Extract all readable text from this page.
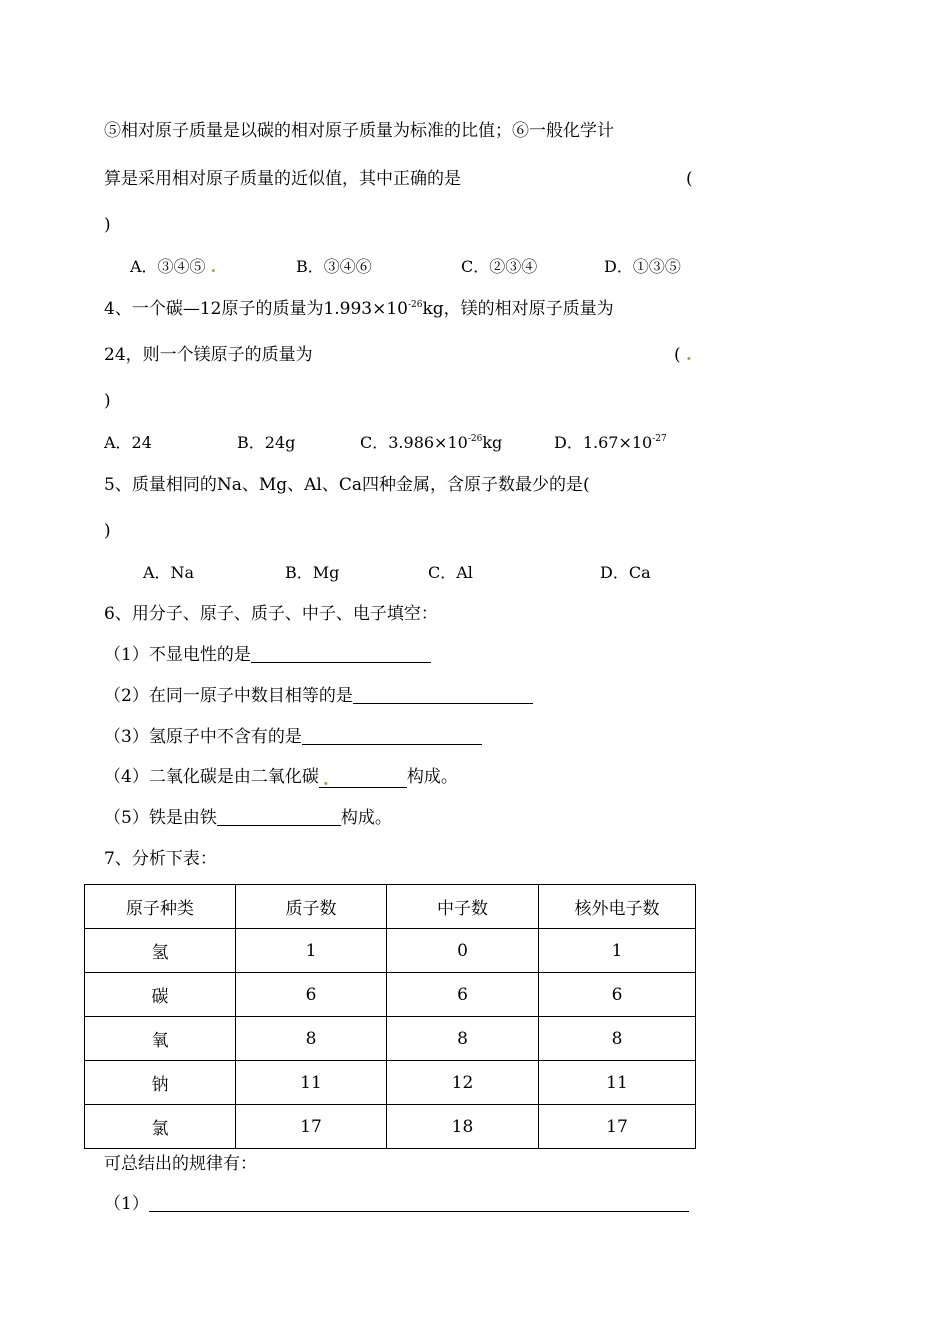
⑤相对原子质量是以碳的相对原子质量为标准的比值；⑥一般化学计
算是采用相对原子质量的近似值，其中正确的是	(
)
A．③④⑤ .	B．③④⑥	C．②③④	D．①③⑤
4、一个碳—12原子的质量为$1.993\times 10^{-26}kg$，镁的相对原子质量为
24，则一个镁原子的质量为	( .
)
A．24	B．24g	C．$3.986\times 10^{-26}kg$	D．$1.67\times 10^{-27}$
5、质量相同的Na、Mg、Al、Ca四种金属，含原子数最少的是(
)
A．Na	B．Mg	C．Al	D．Ca
6、用分子、原子、质子、中子、电子填空：
（1）不显电性的是
（2）在同一原子中数目相等的是
（3）氢原子中不含有的是
（4）二氧化碳是由二氧化碳 .	构成。
（5）铁是由铁	构成。
7、分析下表：
原子种类	质子数	中子数	核外电子数
氢	1	0	1
碳	6	6	6
氧	8	8	8
钠	11	12	11
氯	17	18	17
可总结出的规律有：
（1）
